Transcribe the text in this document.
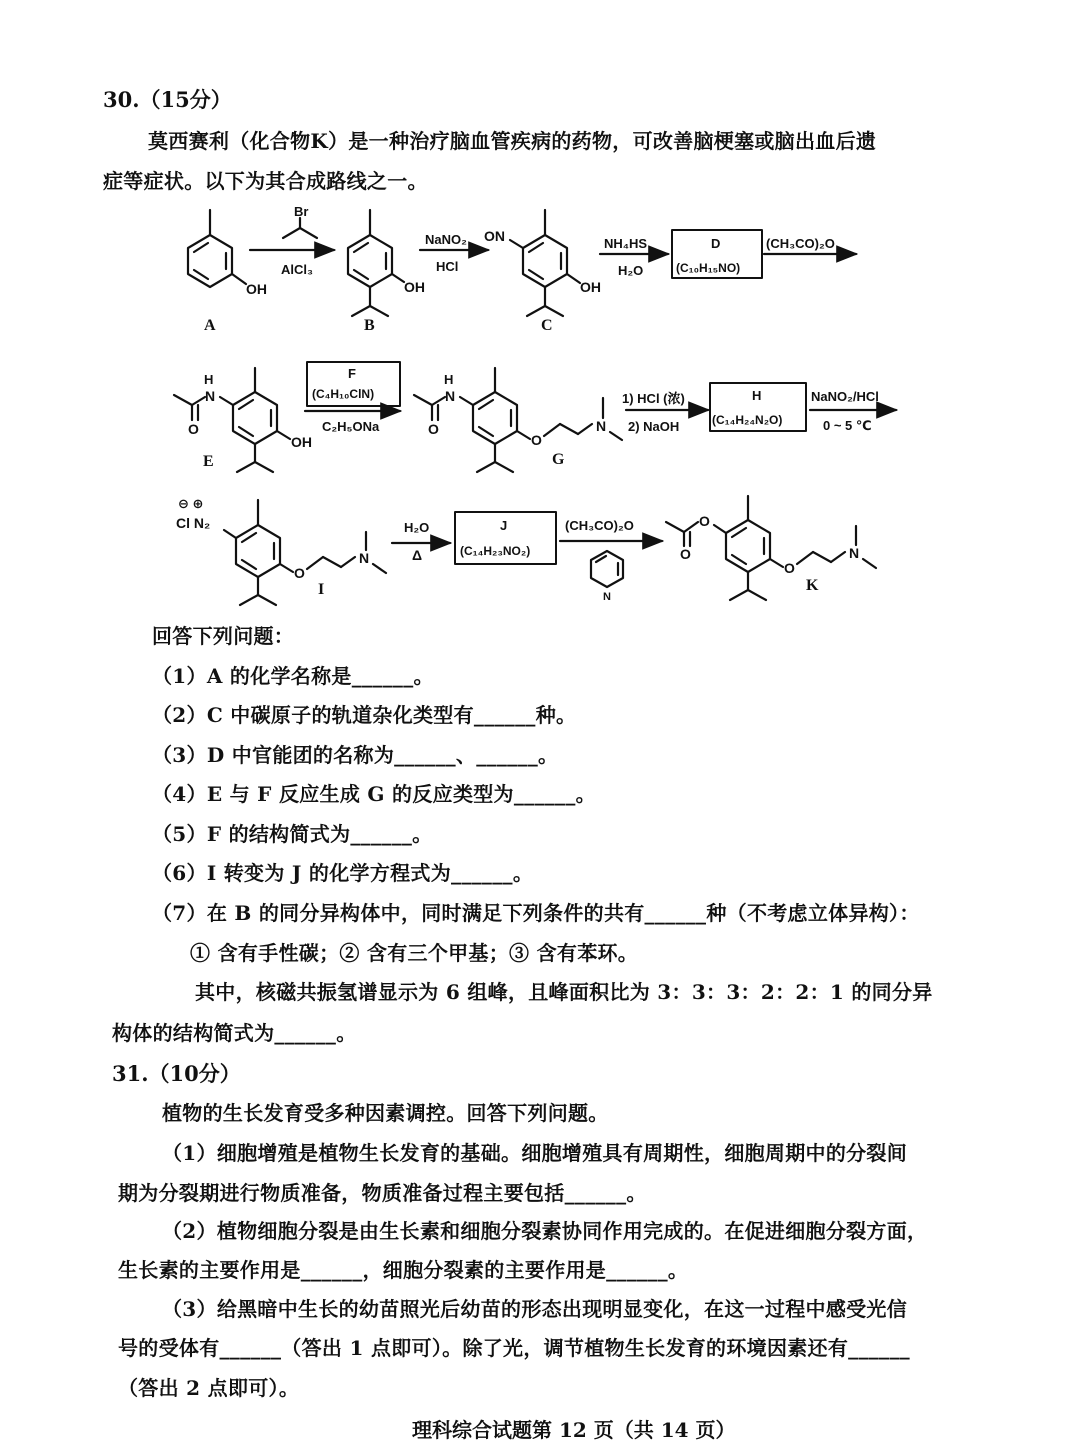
30.（15分）
莫西赛利（化合物K）是一种治疗脑血管疾病的药物，可改善脑梗塞或脑出血后遗
症等症状。以下为其合成路线之一。
OH	OH	OH
ON
Br
AlCl₃
NaNO₂
HCl
NH₄HS
H₂O
D
(C₁₀H₁₅NO)
(CH₃CO)₂O
H
N
O
OH
F
(C₄H₁₀ClN)
C₂H₅ONa
H
N
O
O
N
1) HCl (浓)
2) NaOH
H
(C₁₄H₂₄N₂O)
NaNO₂/HCl
0 ~ 5 ℃
⊖ ⊕
Cl N₂
O
N
H₂O
Δ
J
(C₁₄H₂₃NO₂)
(CH₃CO)₂O
N
O
O
O
N
A	B	C
E	G
I	K
回答下列问题：
（1）A 的化学名称是______。
（2）C 中碳原子的轨道杂化类型有______种。
（3）D 中官能团的名称为______、______。
（4）E 与 F 反应生成 G 的反应类型为______。
（5）F 的结构简式为______。
（6）I 转变为 J 的化学方程式为______。
（7）在 B 的同分异构体中，同时满足下列条件的共有______种（不考虑立体异构）：
① 含有手性碳；② 含有三个甲基；③ 含有苯环。
其中，核磁共振氢谱显示为 6 组峰，且峰面积比为 3：3：3：2：2：1 的同分异
构体的结构简式为______。
31.（10分）
植物的生长发育受多种因素调控。回答下列问题。
（1）细胞增殖是植物生长发育的基础。细胞增殖具有周期性，细胞周期中的分裂间
期为分裂期进行物质准备，物质准备过程主要包括______。
（2）植物细胞分裂是由生长素和细胞分裂素协同作用完成的。在促进细胞分裂方面，
生长素的主要作用是______，细胞分裂素的主要作用是______。
（3）给黑暗中生长的幼苗照光后幼苗的形态出现明显变化，在这一过程中感受光信
号的受体有______（答出 1 点即可）。除了光，调节植物生长发育的环境因素还有______
（答出 2 点即可）。
理科综合试题第 12 页（共 14 页）
